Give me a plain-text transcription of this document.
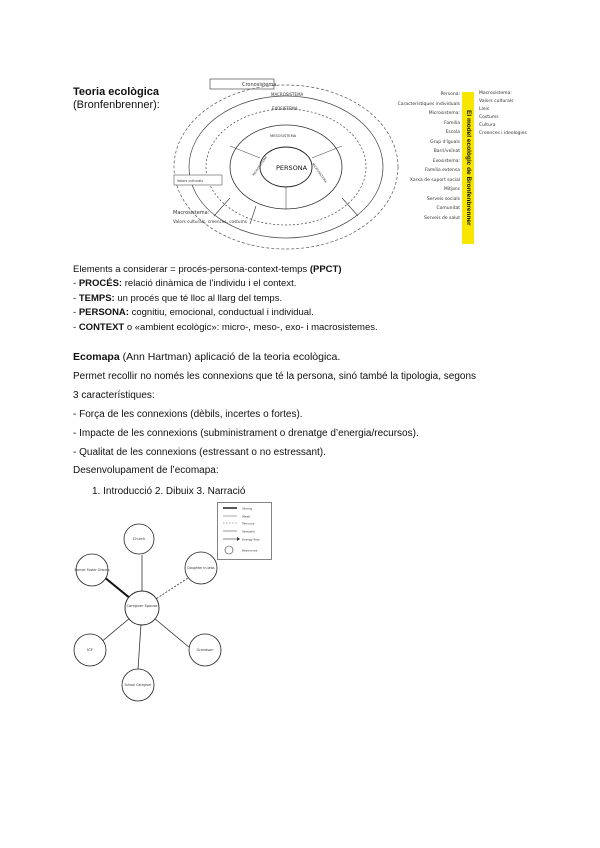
Teoria ecològica
(Bronfenbrenner):
Cronosistema
MACROSISTEMA
EXOSISTEMA
MESOSISTEMA
PERSONA
MICROSISTEMA	MICROSISTEMA
Valors culturals
Macrosistema:
Valors culturals, creences, costums
Persona:
Característiques individuals
Microsistema:
Família
Escola
Grup d'iguals
Barri/veïnat
Exosistema:
Família extensa
Xarxa de suport social
Mitjans
Serveis socials
Comunitat
Serveis de salut El model ecològic de Bronfenbrenner
Macrosistema:
Valors culturals
Lleis
Costums
Cultura
Creences i ideologies
Elements a considerar = procés-persona-context-temps (PPCT)
- PROCÉS: relació dinàmica de l’individu i el context.
- TEMPS: un procés que té lloc al llarg del temps.
- PERSONA: cognitiu, emocional, conductual i individual.
- CONTEXT o «ambient ecològic»: micro-, meso-, exo- i macrosistemes.
Ecomapa (Ann Hartman) aplicació de la teoria ecològica.
Permet recollir no només les connexions que té la persona, sinó també la tipologia, segons
3 característiques:
- Força de les connexions (dèbils, incertes o fortes).
- Impacte de les connexions (subministrament o drenatge d’energia/recursos).
- Qualitat de les connexions (estressant o no estressant).
Desenvolupament de l’ecomapa:
1. Introducció 2. Dibuix 3. Narració
Caregiver Spouse
Church
Daughter In-laws
Grandson
School Caregiver
ICF
Former Foster Grandp
Strong
Weak
Tenuous
Stressful
Energy flow
Resources
